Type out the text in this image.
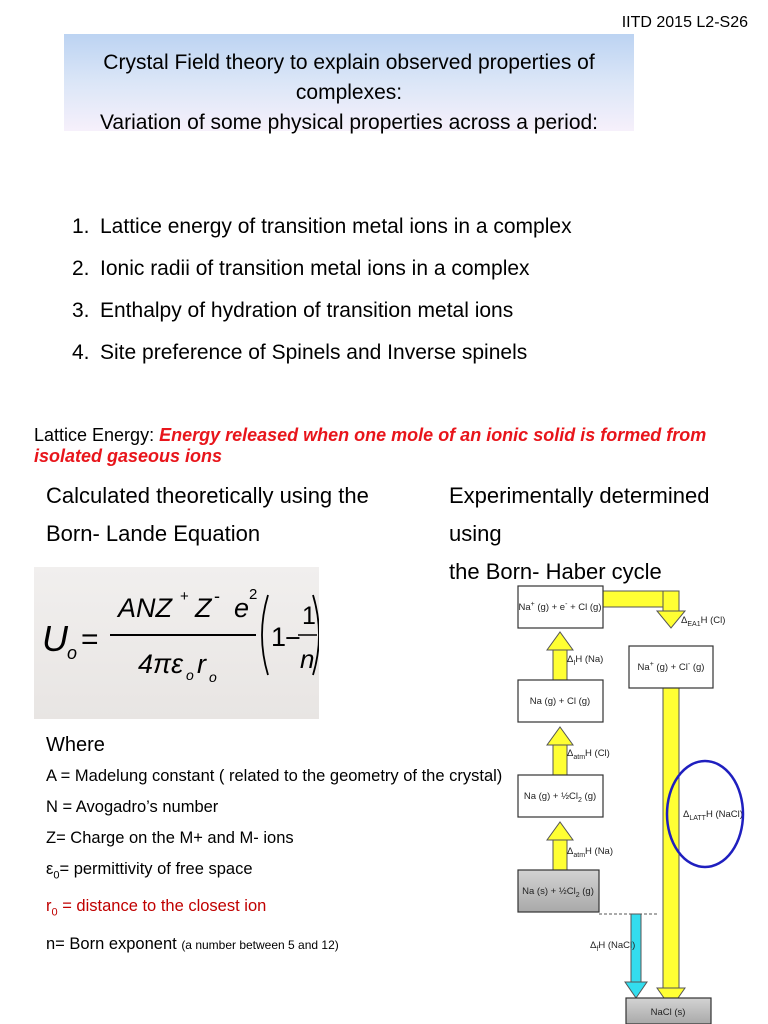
IITD 2015 L2-S26
Crystal Field theory to explain observed properties of complexes:
Variation of some physical properties across a period:
1. Lattice energy of transition metal ions in a complex
2. Ionic radii of transition metal ions in a complex
3. Enthalpy of hydration of transition metal ions
4. Site preference of Spinels and Inverse spinels
Lattice Energy: Energy released when one mole of an ionic solid is formed from isolated gaseous ions
Calculated theoretically using the
Born- Lande Equation
Experimentally determined using
the Born- Haber cycle
U o =
ANZ + Z - e 2
4πε o r o
1
−
1
n
Where
A = Madelung constant ( related to the geometry of the crystal)
N = Avogadro’s number
Z= Charge on the M+ and M- ions
$\varepsilon_0=$ permittivity of free space
$r_0$ = distance to the closest ion
n= Born exponent (a number between 5 and 12)
Na+ (g) + e- + Cl (g)
Na+ (g) + Cl- (g)
Na (g) + Cl (g)
Na $(g) + \frac{1}{2}Cl_2$ (g)
Na $(s) + \frac{1}{2}Cl_2$ (g)
NaCl (s)
$\Delta_IH$ (Na)
$\Delta_{EA1}H$ (Cl)
$\Delta_{atm}H$ (Cl)
$\Delta_{atm}H$ (Na)
$\Delta_{LATT}H$ (NaCl)
$\Delta_fH$ (NaCl)
